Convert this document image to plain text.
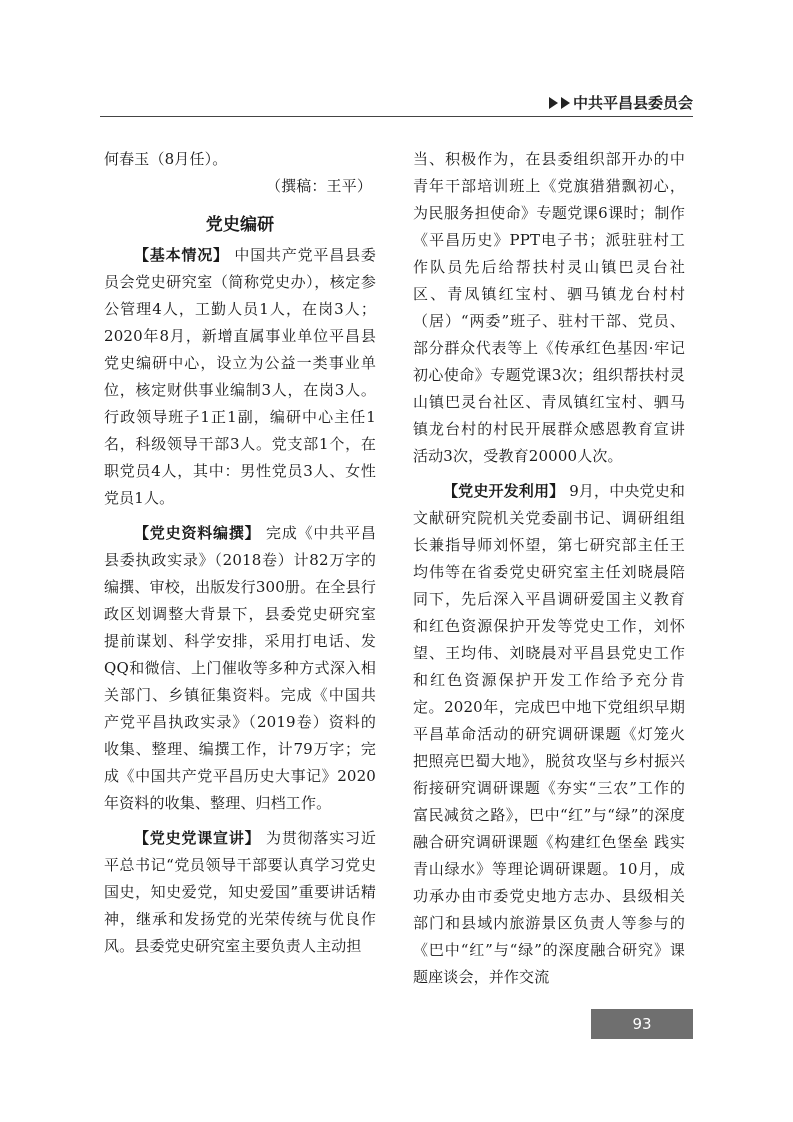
中共平昌县委员会

何春玉（8月任）。

（撰稿：王平）

党史编研

【基本情况】 中国共产党平昌县委员会党史研究室（简称党史办），核定参公管理4人，工勤人员1人，在岗3人；2020年8月，新增直属事业单位平昌县党史编研中心，设立为公益一类事业单位，核定财供事业编制3人，在岗3人。行政领导班子1正1副，编研中心主任1名，科级领导干部3人。党支部1个，在职党员4人，其中：男性党员3人、女性党员1人。

【党史资料编撰】 完成《中共平昌县委执政实录》（2018卷）计82万字的编撰、审校，出版发行300册。在全县行政区划调整大背景下，县委党史研究室提前谋划、科学安排，采用打电话、发QQ和微信、上门催收等多种方式深入相关部门、乡镇征集资料。完成《中国共产党平昌执政实录》（2019卷）资料的收集、整理、编撰工作，计79万字；完成《中国共产党平昌历史大事记》2020年资料的收集、整理、归档工作。

【党史党课宣讲】 为贯彻落实习近平总书记“党员领导干部要认真学习党史国史，知史爱党，知史爱国”重要讲话精神，继承和发扬党的光荣传统与优良作风。县委党史研究室主要负责人主动担

当、积极作为，在县委组织部开办的中青年干部培训班上《党旗猎猎飘初心，为民服务担使命》专题党课6课时；制作《平昌历史》PPT电子书；派驻驻村工作队员先后给帮扶村灵山镇巴灵台社区、青凤镇红宝村、驷马镇龙台村村（居）“两委”班子、驻村干部、党员、部分群众代表等上《传承红色基因·牢记初心使命》专题党课3次；组织帮扶村灵山镇巴灵台社区、青凤镇红宝村、驷马镇龙台村的村民开展群众感恩教育宣讲活动3次，受教育20000人次。

【党史开发利用】 9月，中央党史和文献研究院机关党委副书记、调研组组长兼指导师刘怀望，第七研究部主任王均伟等在省委党史研究室主任刘晓晨陪同下，先后深入平昌调研爱国主义教育和红色资源保护开发等党史工作，刘怀望、王均伟、刘晓晨对平昌县党史工作和红色资源保护开发工作给予充分肯定。2020年，完成巴中地下党组织早期平昌革命活动的研究调研课题《灯笼火把照亮巴蜀大地》，脱贫攻坚与乡村振兴衔接研究调研课题《夯实“三农”工作的富民减贫之路》，巴中“红”与“绿”的深度融合研究调研课题《构建红色堡垒 践实青山绿水》等理论调研课题。10月，成功承办由市委党史地方志办、县级相关部门和县域内旅游景区负责人等参与的《巴中“红”与“绿”的深度融合研究》课题座谈会，并作交流

93
